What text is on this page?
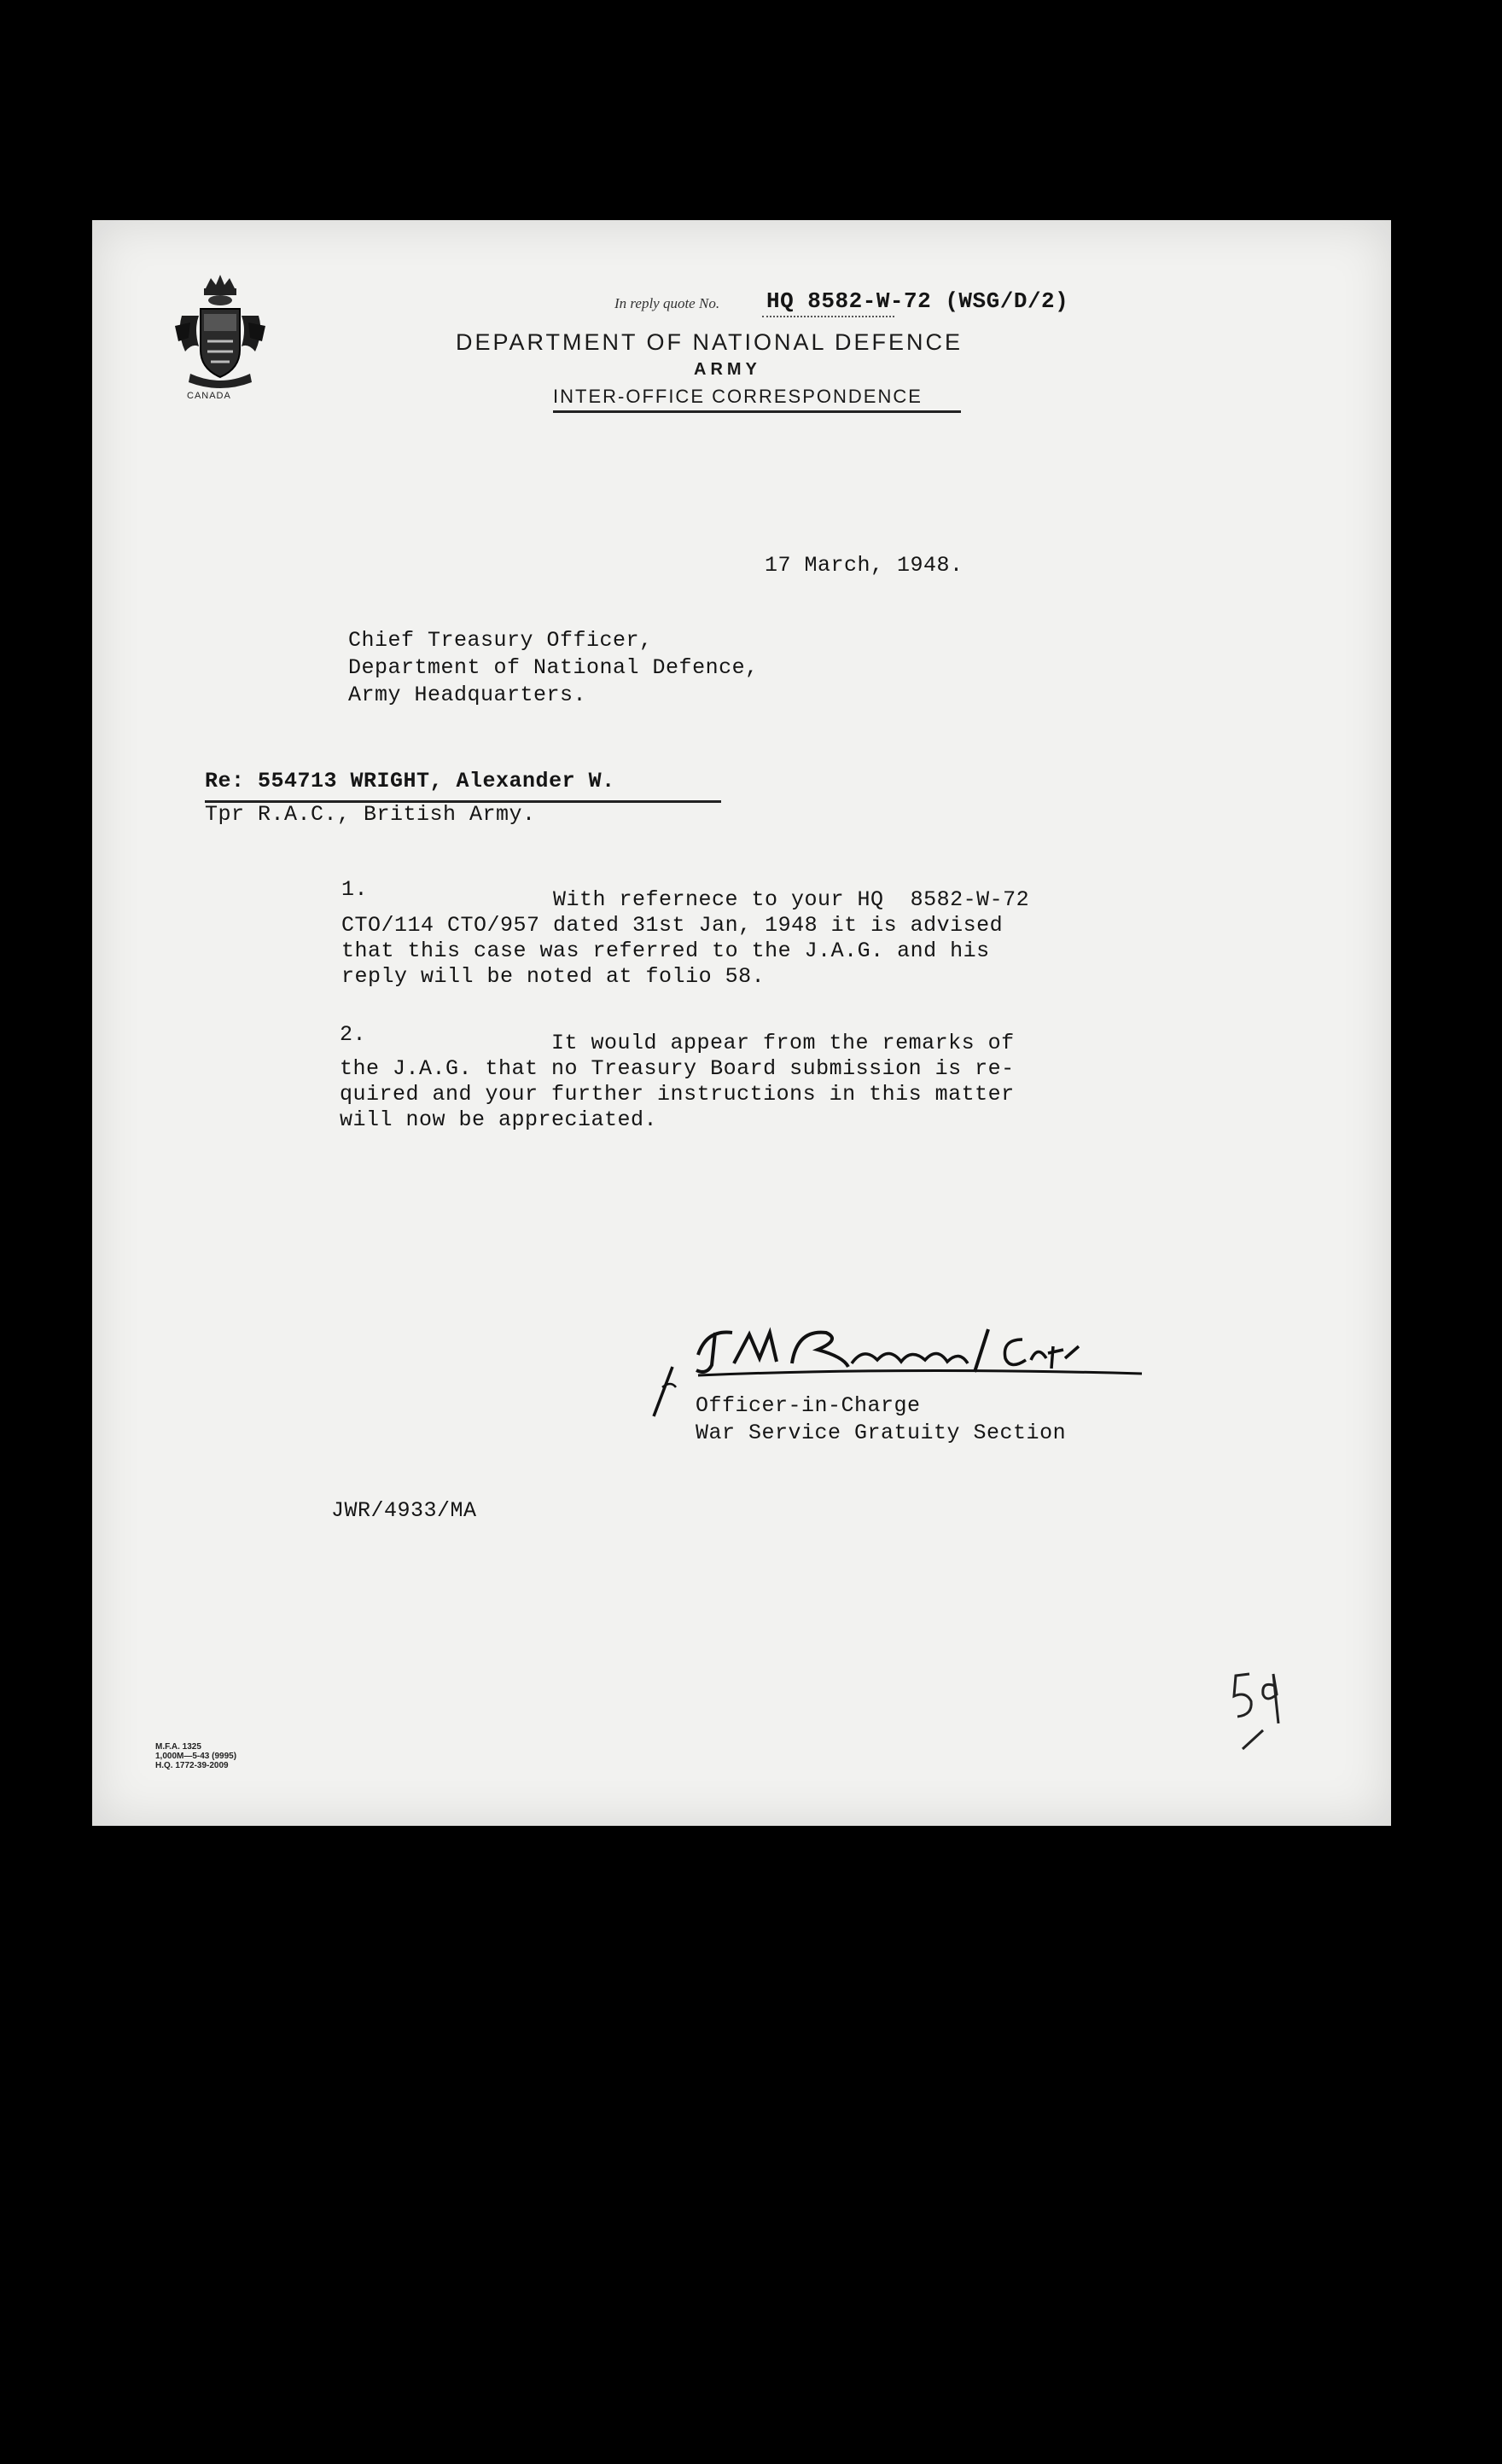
CANADA
In reply quote No. HQ 8582-W-72 (WSG/D/2)
DEPARTMENT OF NATIONAL DEFENCE
ARMY
INTER-OFFICE CORRESPONDENCE
17 March, 1948.
Chief Treasury Officer,
Department of National Defence,
Army Headquarters.
Re: 554713 WRIGHT, Alexander W.
Tpr R.A.C., British Army.
1.	With refernece to your HQ  8582-W-72
CTO/114 CTO/957 dated 31st Jan, 1948 it is advised
that this case was referred to the J.A.G. and his
reply will be noted at folio 58.
2.	It would appear from the remarks of
the J.A.G. that no Treasury Board submission is re-
quired and your further instructions in this matter
will now be appreciated.
Officer-in-Charge
War Service Gratuity Section
JWR/4933/MA
M.F.A. 1325
1,000M—5-43 (9995)
H.Q. 1772-39-2009
